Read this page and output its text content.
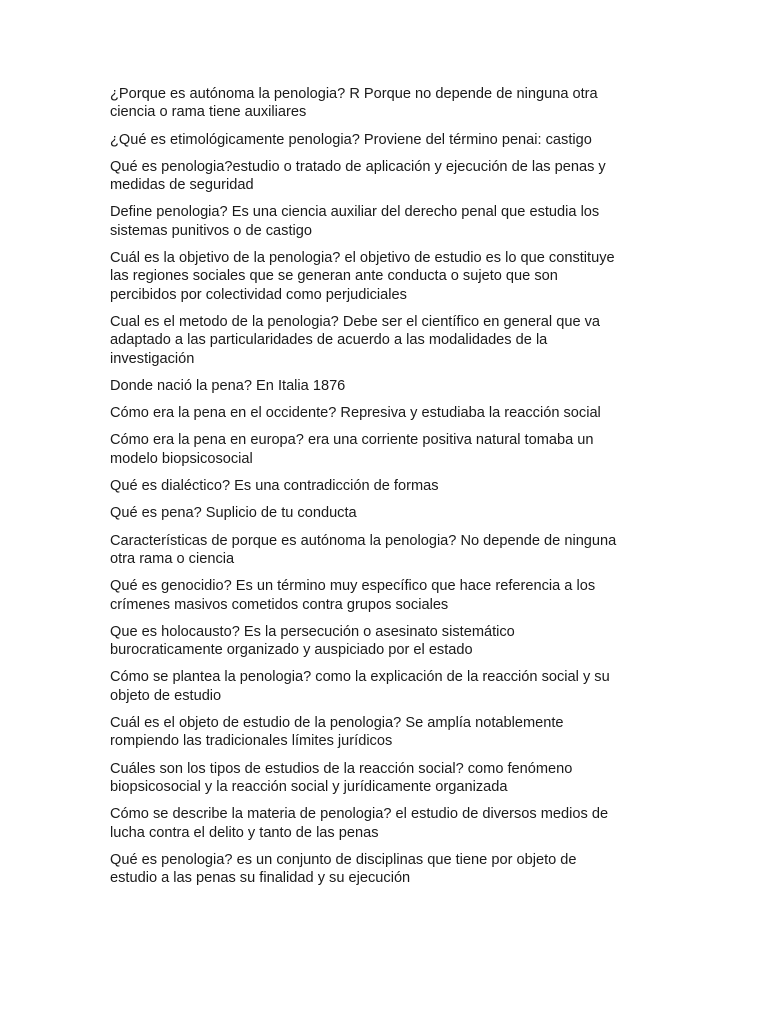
¿Porque es autónoma la penologia? R Porque no depende de ninguna otra
ciencia o rama tiene auxiliares

¿Qué es etimológicamente penologia? Proviene del término penai: castigo

Qué es penologia?estudio o tratado de aplicación y ejecución de las penas y
medidas de seguridad

Define penologia? Es una ciencia auxiliar del derecho penal que estudia los
sistemas punitivos o de castigo

Cuál es la objetivo de la penologia? el objetivo de estudio es lo que constituye
las regiones sociales que se generan ante conducta o sujeto que son
percibidos por colectividad como perjudiciales

Cual es el metodo de la penologia? Debe ser el científico en general que va
adaptado a las particularidades de acuerdo a las modalidades de la
investigación

Donde nació la pena? En Italia 1876

Cómo era la pena en el occidente? Represiva y estudiaba la reacción social

Cómo era la pena en europa? era una corriente positiva natural tomaba un
modelo biopsicosocial

Qué es dialéctico? Es una contradicción de formas

Qué es pena? Suplicio de tu conducta

Características de porque es autónoma la penologia? No depende de ninguna
otra rama o ciencia

Qué es genocidio? Es un término muy específico que hace referencia a los
crímenes masivos cometidos contra grupos sociales

Que es holocausto? Es la persecución o asesinato sistemático
burocraticamente organizado y auspiciado por el estado

Cómo se plantea la penologia? como la explicación de la reacción social y su
objeto de estudio

Cuál es el objeto de estudio de la penologia? Se amplía notablemente
rompiendo las tradicionales límites jurídicos

Cuáles son los tipos de estudios de la reacción social? como fenómeno
biopsicosocial y la reacción social y jurídicamente organizada

Cómo se describe la materia de penologia? el estudio de diversos medios de
lucha contra el delito y tanto de las penas

Qué es penologia? es un conjunto de disciplinas que tiene por objeto de
estudio a las penas su finalidad y su ejecución
